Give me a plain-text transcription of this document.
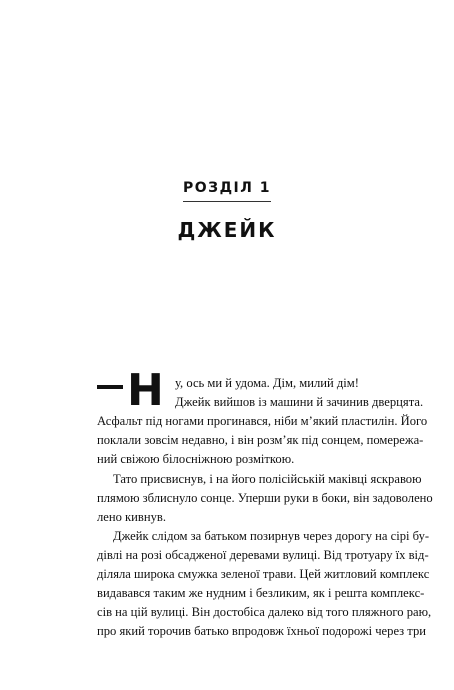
РОЗДІЛ 1
ДЖЕЙК
Н у, ось ми й удома. Дім, милий дім!
Джейк вийшов із машини й зачинив дверцята.
Асфальт під ногами прогинався, ніби м’який пластилін. Його
поклали зовсім недавно, і він розм’як під сонцем, помережа-
ний свіжою білосніжною розміткою.
Тато присвиснув, і на його полісійській маківці яскравою
плямою зблиснуло сонце. Уперши руки в боки, він задоволено
лено кивнув.
Джейк слідом за батьком позирнув через дорогу на сірі бу-
дівлі на розі обсадженої деревами вулиці. Від тротуару їх від-
діляла широка смужка зеленої трави. Цей житловий комплекс
видавався таким же нудним і безликим, як і решта комплекс-
сів на цій вулиці. Він достобіса далеко від того пляжного раю,
про який торочив батько впродовж їхньої подорожі через три
